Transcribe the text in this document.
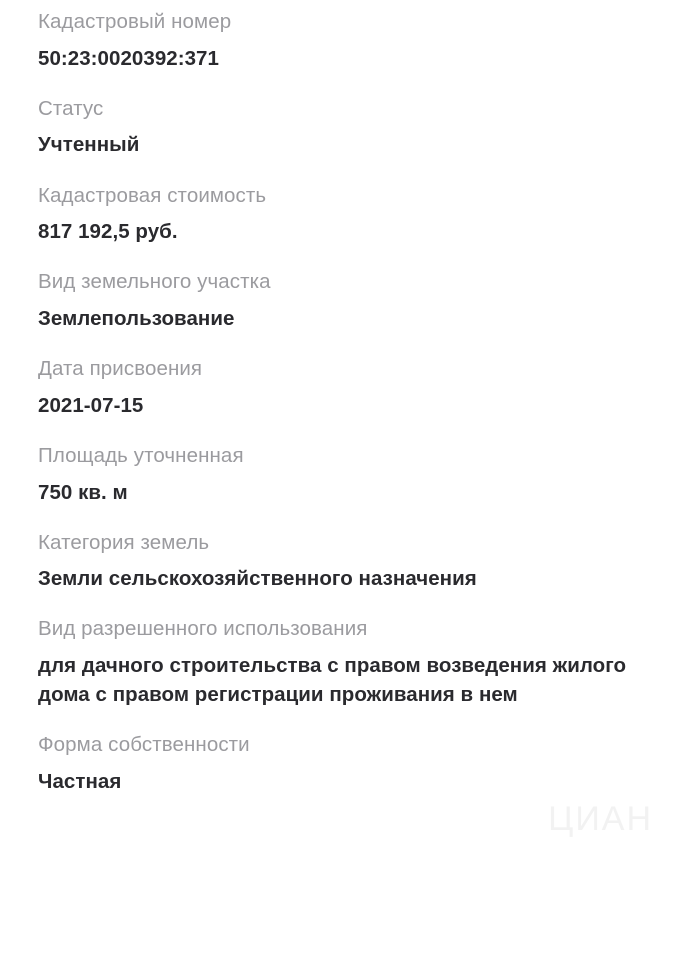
ЦИАН
Кадастровый номер
50:23:0020392:371
Статус
Учтенный
Кадастровая стоимость
817 192,5 руб.
Вид земельного участка
Землепользование
Дата присвоения
2021-07-15
Площадь уточненная
750 кв. м
Категория земель
Земли сельскохозяйственного назначения
Вид разрешенного использования
для дачного строительства с правом возведения жилого дома с правом регистрации проживания в нем
Форма собственности
Частная
